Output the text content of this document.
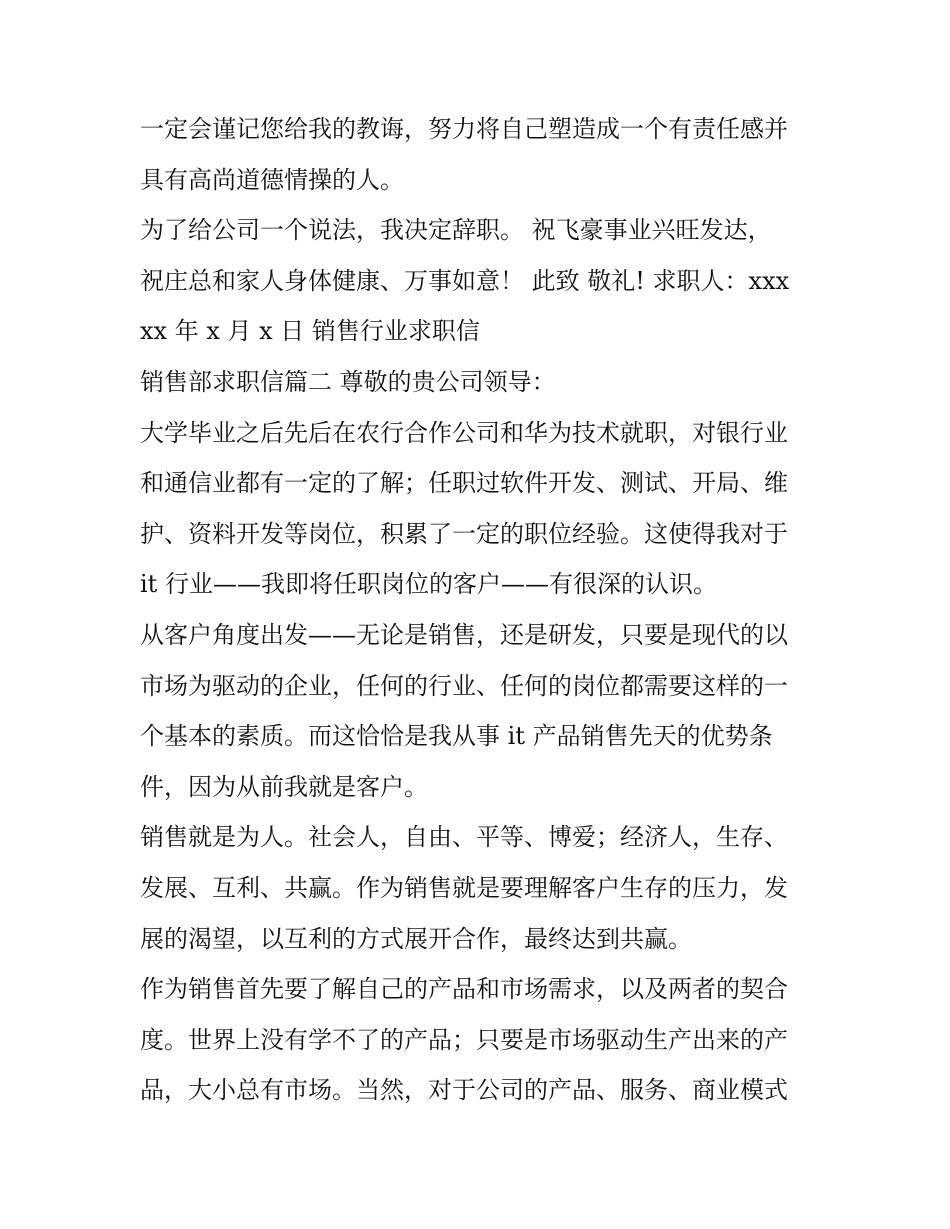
一定会谨记您给我的教诲，努力将自己塑造成一个有责任感并
具有高尚道德情操的人。
为了给公司一个说法，我决定辞职。 祝飞豪事业兴旺发达，
祝庄总和家人身体健康、万事如意！ 此致 敬礼! 求职人：xxx
xx 年 x 月 x 日 销售行业求职信
销售部求职信篇二 尊敬的贵公司领导：
大学毕业之后先后在农行合作公司和华为技术就职，对银行业
和通信业都有一定的了解；任职过软件开发、测试、开局、维
护、资料开发等岗位，积累了一定的职位经验。这使得我对于
it 行业——我即将任职岗位的客户——有很深的认识。
从客户角度出发——无论是销售，还是研发，只要是现代的以
市场为驱动的企业，任何的行业、任何的岗位都需要这样的一
个基本的素质。而这恰恰是我从事 it 产品销售先天的优势条
件，因为从前我就是客户。
销售就是为人。社会人，自由、平等、博爱；经济人，生存、
发展、互利、共赢。作为销售就是要理解客户生存的压力，发
展的渴望，以互利的方式展开合作，最终达到共赢。
作为销售首先要了解自己的产品和市场需求，以及两者的契合
度。世界上没有学不了的产品；只要是市场驱动生产出来的产
品，大小总有市场。当然，对于公司的产品、服务、商业模式
